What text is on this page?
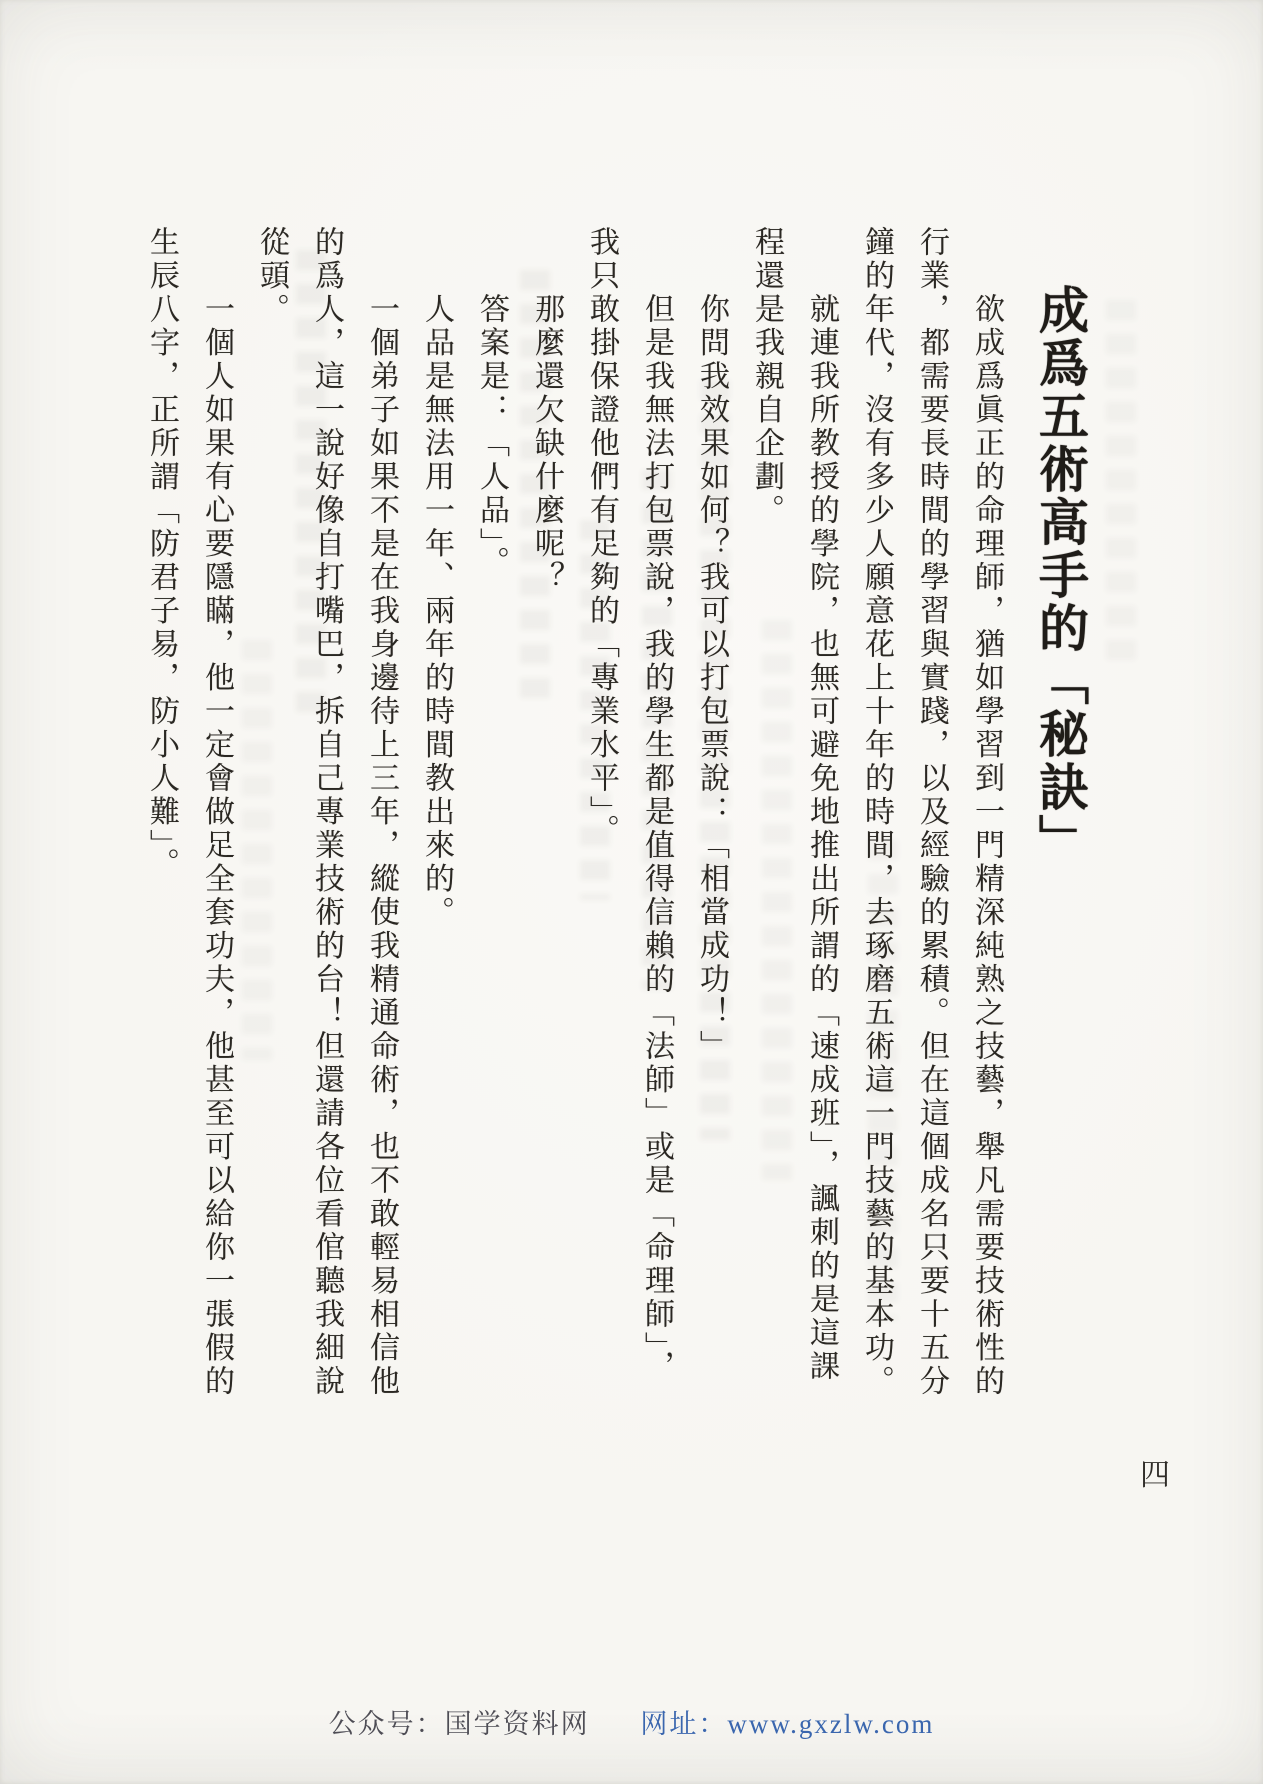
成爲五術高手的「秘訣」
欲成爲眞正的命理師，猶如學習到一門精深純熟之技藝，舉凡需要技術性的
行業，都需要長時間的學習與實踐，以及經驗的累積。但在這個成名只要十五分
鐘的年代，沒有多少人願意花上十年的時間，去琢磨五術這一門技藝的基本功。
就連我所教授的學院，也無可避免地推出所謂的「速成班」，諷刺的是這課
程還是我親自企劃。
你問我效果如何？我可以打包票說：「相當成功！」
但是我無法打包票說，我的學生都是值得信賴的「法師」或是「命理師」，
我只敢掛保證他們有足夠的「專業水平」。
那麼還欠缺什麼呢？
答案是：「人品」。
人品是無法用一年、兩年的時間教出來的。
一個弟子如果不是在我身邊待上三年，縱使我精通命術，也不敢輕易相信他
的爲人，這一說好像自打嘴巴，拆自己專業技術的台！但還請各位看倌聽我細說
從頭。
一個人如果有心要隱瞞，他一定會做足全套功夫，他甚至可以給你一張假的
生辰八字，正所謂「防君子易，防小人難」。
四
公众号：国学资料网 网址：www.gxzlw.com
